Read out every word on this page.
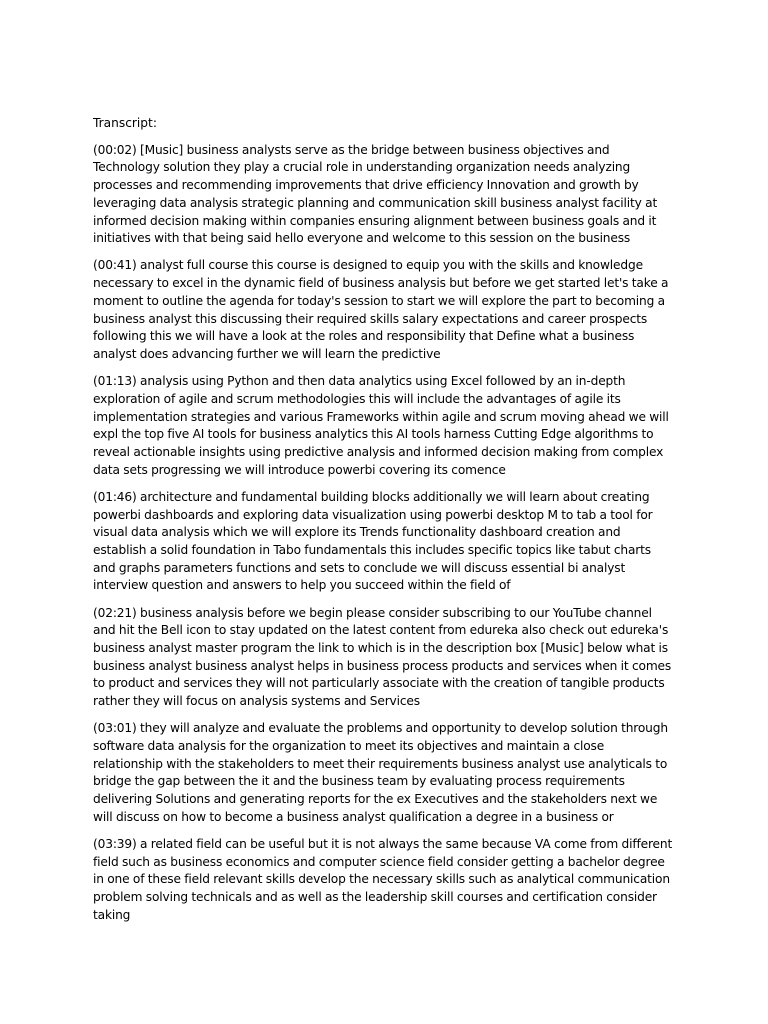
Transcript:

(00:02) [Music] business analysts serve as the bridge between business objectives and Technology solution they play a crucial role in understanding organization needs analyzing processes and recommending improvements that drive efficiency Innovation and growth by leveraging data analysis strategic planning and communication skill business analyst facility at informed decision making within companies ensuring alignment between business goals and it initiatives with that being said hello everyone and welcome to this session on the business

(00:41) analyst full course this course is designed to equip you with the skills and knowledge necessary to excel in the dynamic field of business analysis but before we get started let's take a moment to outline the agenda for today's session to start we will explore the part to becoming a business analyst this discussing their required skills salary expectations and career prospects following this we will have a look at the roles and responsibility that Define what a business analyst does advancing further we will learn the predictive

(01:13) analysis using Python and then data analytics using Excel followed by an in-depth exploration of agile and scrum methodologies this will include the advantages of agile its implementation strategies and various Frameworks within agile and scrum moving ahead we will expl the top five AI tools for business analytics this AI tools harness Cutting Edge algorithms to reveal actionable insights using predictive analysis and informed decision making from complex data sets progressing we will introduce powerbi covering its comence

(01:46) architecture and fundamental building blocks additionally we will learn about creating powerbi dashboards and exploring data visualization using powerbi desktop M to tab a tool for visual data analysis which we will explore its Trends functionality dashboard creation and establish a solid foundation in Tabo fundamentals this includes specific topics like tabut charts and graphs parameters functions and sets to conclude we will discuss essential bi analyst interview question and answers to help you succeed within the field of

(02:21) business analysis before we begin please consider subscribing to our YouTube channel and hit the Bell icon to stay updated on the latest content from edureka also check out edureka's business analyst master program the link to which is in the description box [Music] below what is business analyst business analyst helps in business process products and services when it comes to product and services they will not particularly associate with the creation of tangible products rather they will focus on analysis systems and Services

(03:01) they will analyze and evaluate the problems and opportunity to develop solution through software data analysis for the organization to meet its objectives and maintain a close relationship with the stakeholders to meet their requirements business analyst use analyticals to bridge the gap between the it and the business team by evaluating process requirements delivering Solutions and generating reports for the ex Executives and the stakeholders next we will discuss on how to become a business analyst qualification a degree in a business or

(03:39) a related field can be useful but it is not always the same because VA come from different field such as business economics and computer science field consider getting a bachelor degree in one of these field relevant skills develop the necessary skills such as analytical communication problem solving technicals and as well as the leadership skill courses and certification consider taking
